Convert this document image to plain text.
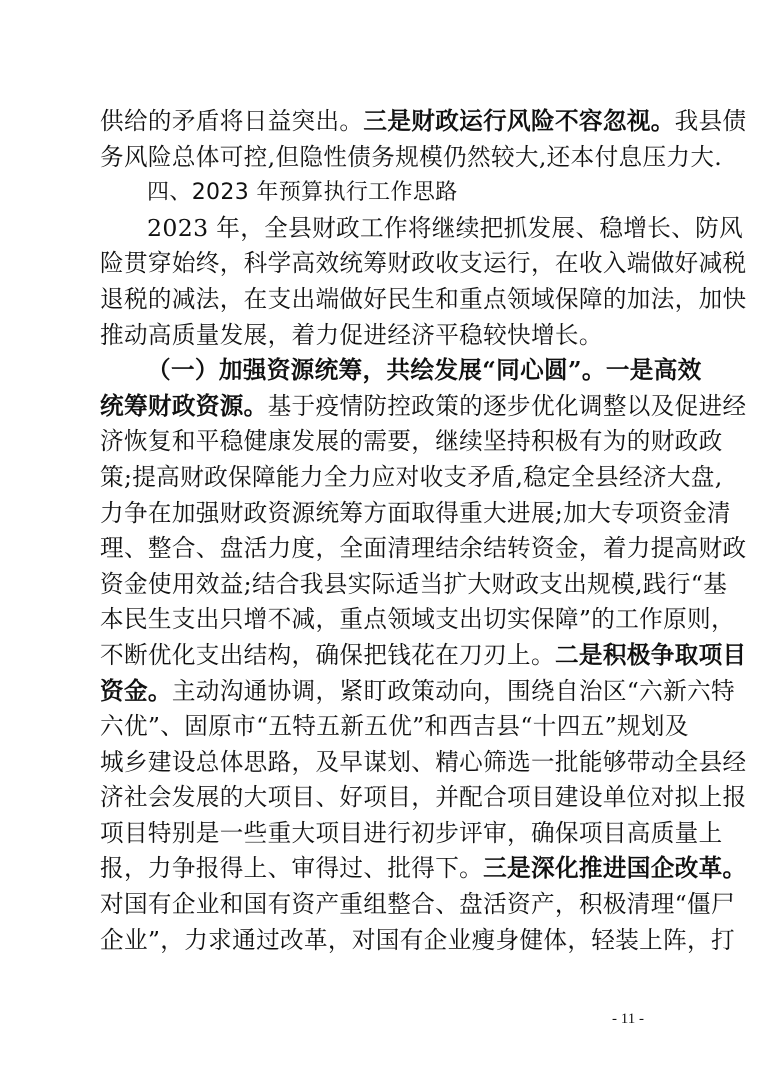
供给的矛盾将日益突出。三是财政运行风险不容忽视。我县债
务风险总体可控,但隐性债务规模仍然较大,还本付息压力大.
四、2023 年预算执行工作思路
2023 年，全县财政工作将继续把抓发展、稳增长、防风
险贯穿始终，科学高效统筹财政收支运行，在收入端做好减税
退税的减法，在支出端做好民生和重点领域保障的加法，加快
推动高质量发展，着力促进经济平稳较快增长。
（一）加强资源统筹，共绘发展“同心圆”。一是高效
统筹财政资源。基于疫情防控政策的逐步优化调整以及促进经
济恢复和平稳健康发展的需要，继续坚持积极有为的财政政
策;提高财政保障能力全力应对收支矛盾,稳定全县经济大盘,
力争在加强财政资源统筹方面取得重大进展;加大专项资金清
理、整合、盘活力度，全面清理结余结转资金，着力提高财政
资金使用效益;结合我县实际适当扩大财政支出规模,践行“基
本民生支出只增不减，重点领域支出切实保障”的工作原则，
不断优化支出结构，确保把钱花在刀刃上。二是积极争取项目
资金。主动沟通协调，紧盯政策动向，围绕自治区“六新六特
六优”、固原市“五特五新五优”和西吉县“十四五”规划及
城乡建设总体思路，及早谋划、精心筛选一批能够带动全县经
济社会发展的大项目、好项目，并配合项目建设单位对拟上报
项目特别是一些重大项目进行初步评审，确保项目高质量上
报，力争报得上、审得过、批得下。三是深化推进国企改革。
对国有企业和国有资产重组整合、盘活资产，积极清理“僵尸
企业”，力求通过改革，对国有企业瘦身健体，轻装上阵，打
- 11 -
